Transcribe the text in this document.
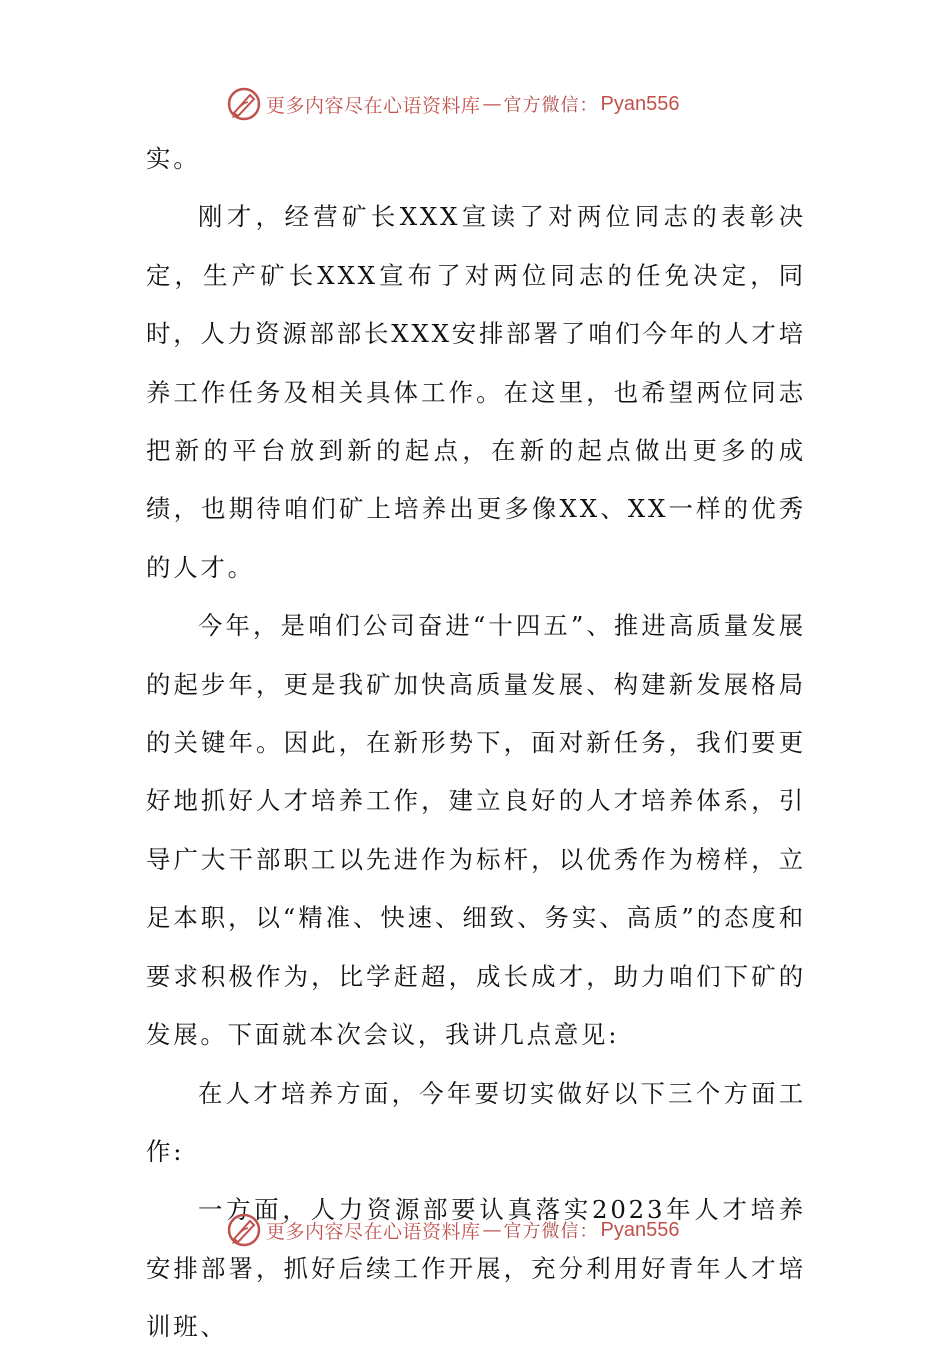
更多内容尽在心语资料库 — 官方微信： Pyan556

实。

刚才，经营矿长XXX宣读了对两位同志的表彰决定，生产矿长XXX宣布了对两位同志的任免决定，同时，人力资源部部长XXX安排部署了咱们今年的人才培养工作任务及相关具体工作。在这里，也希望两位同志把新的平台放到新的起点，在新的起点做出更多的成绩，也期待咱们矿上培养出更多像XX、XX一样的优秀的人才。

今年，是咱们公司奋进“十四五”、推进高质量发展的起步年，更是我矿加快高质量发展、构建新发展格局的关键年。因此，在新形势下，面对新任务，我们要更好地抓好人才培养工作，建立良好的人才培养体系，引导广大干部职工以先进作为标杆，以优秀作为榜样，立足本职，以“精准、快速、细致、务实、高质”的态度和要求积极作为，比学赶超，成长成才，助力咱们下矿的发展。下面就本次会议，我讲几点意见:

在人才培养方面，今年要切实做好以下三个方面工作:

一方面，人力资源部要认真落实2023年人才培养安排部署，抓好后续工作开展，充分利用好青年人才培训班、

更多内容尽在心语资料库 — 官方微信： Pyan556
